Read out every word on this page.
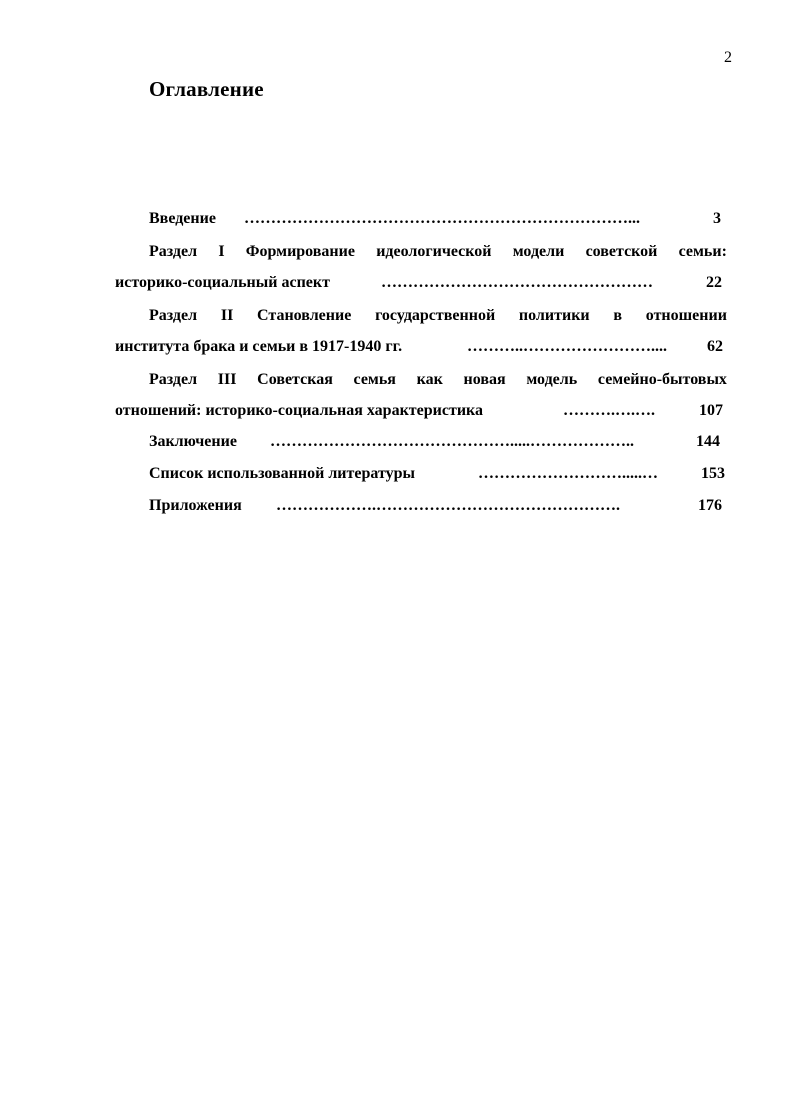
2
Оглавление
Введение ………………………………………………………………...	3
Раздел I Формирование идеологической модели советской семьи:
историко-социальный аспект	……………………………………………	22
Раздел II Становление государственной политики в отношении
института брака и семьи в 1917-1940 гг.	………..……………………....	62
Раздел III Советская семья как новая модель семейно-бытовых
отношений: историко-социальная характеристика	……….….….	107
Заключение ……………………………………….....………………..	144
Список использованной литературы	……………………….....…	153
Приложения ……………….……………………………………….	176
